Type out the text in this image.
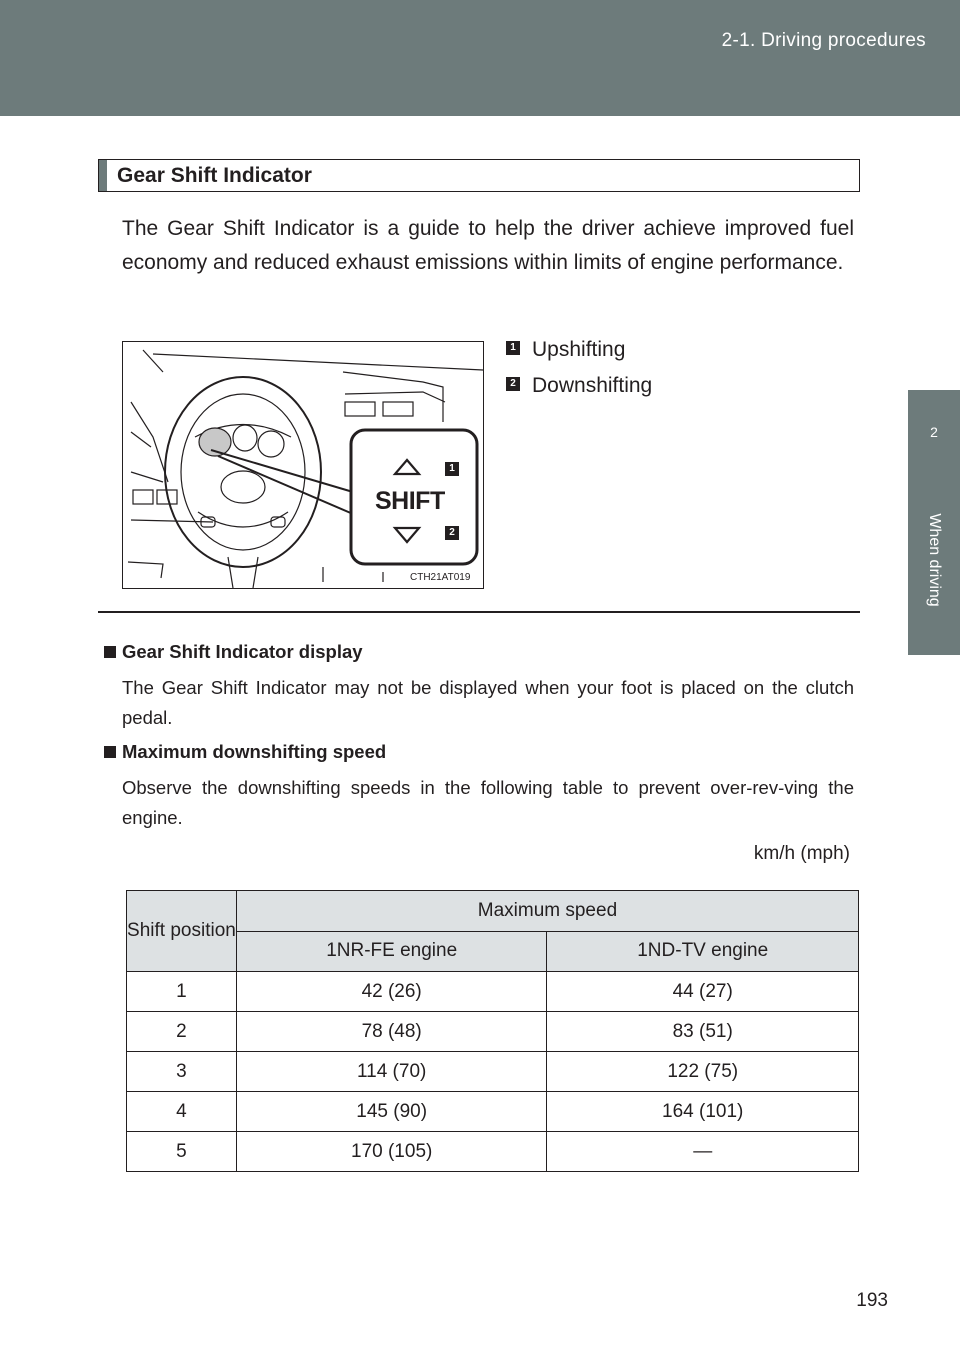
2-1. Driving procedures
2
When driving
Gear Shift Indicator
The Gear Shift Indicator is a guide to help the driver achieve improved fuel economy and reduced exhaust emissions within limits of engine performance.
SHIFT
1
2
CTH21AT019
1 Upshifting
2 Downshifting
Gear Shift Indicator display
The Gear Shift Indicator may not be displayed when your foot is placed on the clutch pedal.
Maximum downshifting speed
Observe the downshifting speeds in the following table to prevent over-rev-ving the engine.
km/h (mph)
Shift position	Maximum speed	
	1NR-FE engine	1ND-TV engine
1	42 (26)	44 (27)
2	78 (48)	83 (51)
3	114 (70)	122 (75)
4	145 (90)	164 (101)
5	170 (105)	—
193
